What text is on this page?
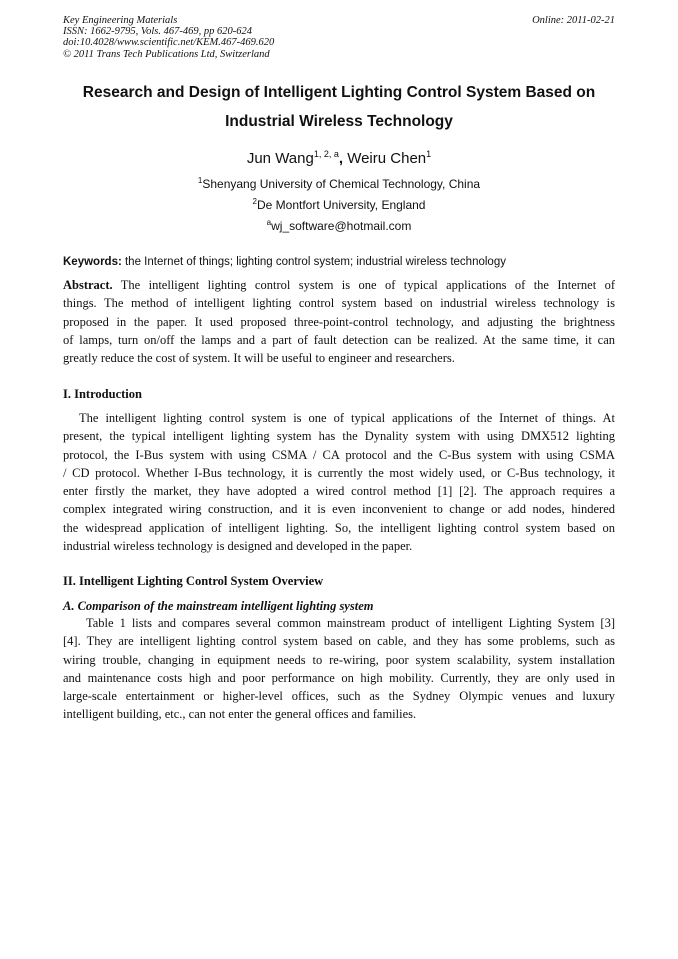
Key Engineering Materials
ISSN: 1662-9795, Vols. 467-469, pp 620-624
doi:10.4028/www.scientific.net/KEM.467-469.620
© 2011 Trans Tech Publications Ltd, Switzerland
Online: 2011-02-21
Research and Design of Intelligent Lighting Control System Based on
Industrial Wireless Technology
Jun Wang$^{1, 2, a}$, Weiru Chen$^1$
$^1$Shenyang University of Chemical Technology, China
$^2$De Montfort University, England
$^a$wj_software@hotmail.com
Keywords: the Internet of things; lighting control system; industrial wireless technology
Abstract. The intelligent lighting control system is one of typical applications of the Internet of
things. The method of intelligent lighting control system based on industrial wireless technology is
proposed in the paper. It used proposed three-point-control technology, and adjusting the brightness
of lamps, turn on/off the lamps and a part of fault detection can be realized. At the same time, it can
greatly reduce the cost of system. It will be useful to engineer and researchers.
I. Introduction
The intelligent lighting control system is one of typical applications of the Internet of things. At
present, the typical intelligent lighting system has the Dynality system with using DMX512 lighting
protocol, the I-Bus system with using CSMA / CA protocol and the C-Bus system with using CSMA
/ CD protocol. Whether I-Bus technology, it is currently the most widely used, or C-Bus technology, it
enter firstly the market, they have adopted a wired control method [1] [2]. The approach requires a
complex integrated wiring construction, and it is even inconvenient to change or add nodes, hindered
the widespread application of intelligent lighting. So, the intelligent lighting control system based on
industrial wireless technology is designed and developed in the paper.
II. Intelligent Lighting Control System Overview
A. Comparison of the mainstream intelligent lighting system
Table 1 lists and compares several common mainstream product of intelligent Lighting System [3]
[4]. They are intelligent lighting control system based on cable, and they has some problems, such as
wiring trouble, changing in equipment needs to re-wiring, poor system scalability, system installation
and maintenance costs high and poor performance on high mobility. Currently, they are only used in
large-scale entertainment or higher-level offices, such as the Sydney Olympic venues and luxury
intelligent building, etc., can not enter the general offices and families.
